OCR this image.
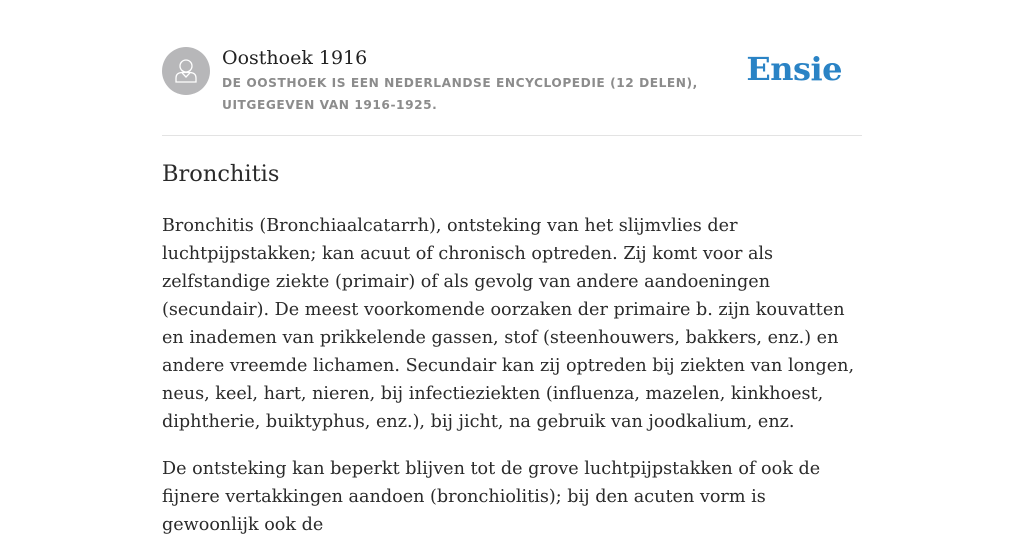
Oosthoek 1916
DE OOSTHOEK IS EEN NEDERLANDSE ENCYCLOPEDIE (12 DELEN), UITGEGEVEN VAN 1916-1925.
Ensie
Bronchitis

Bronchitis (Bronchiaalcatarrh), ontsteking van het slijmvlies der luchtpijpstakken; kan acuut of chronisch optreden. Zij komt voor als zelfstandige ziekte (primair) of als gevolg van andere aandoeningen (secundair). De meest voorkomende oorzaken der primaire b. zijn kouvatten en inademen van prikkelende gassen, stof (steenhouwers, bakkers, enz.) en andere vreemde lichamen. Secundair kan zij optreden bij ziekten van longen, neus, keel, hart, nieren, bij infectieziekten (influenza, mazelen, kinkhoest, diphtherie, buiktyphus, enz.), bij jicht, na gebruik van joodkalium, enz.

De ontsteking kan beperkt blijven tot de grove luchtpijpstakken of ook de fijnere vertakkingen aandoen (bronchiolitis); bij den acuten vorm is gewoonlijk ook de
